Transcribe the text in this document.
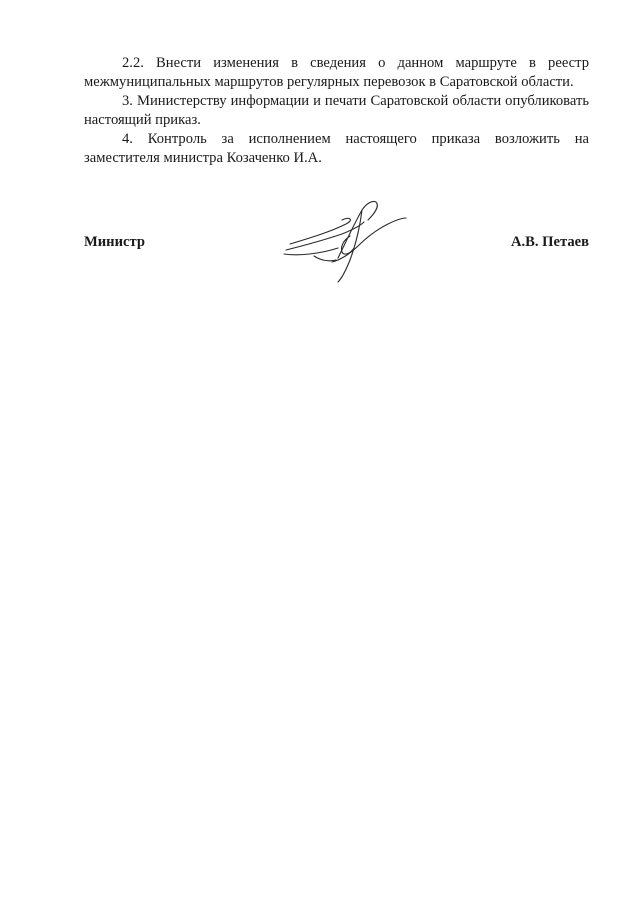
2.2. Внести изменения в сведения о данном маршруте в реестр межмуниципальных маршрутов регулярных перевозок в Саратовской области.

3. Министерству информации и печати Саратовской области опубликовать настоящий приказ.

4. Контроль за исполнением настоящего приказа возложить на заместителя министра Козаченко И.А.

Министр	А.В. Петаев
